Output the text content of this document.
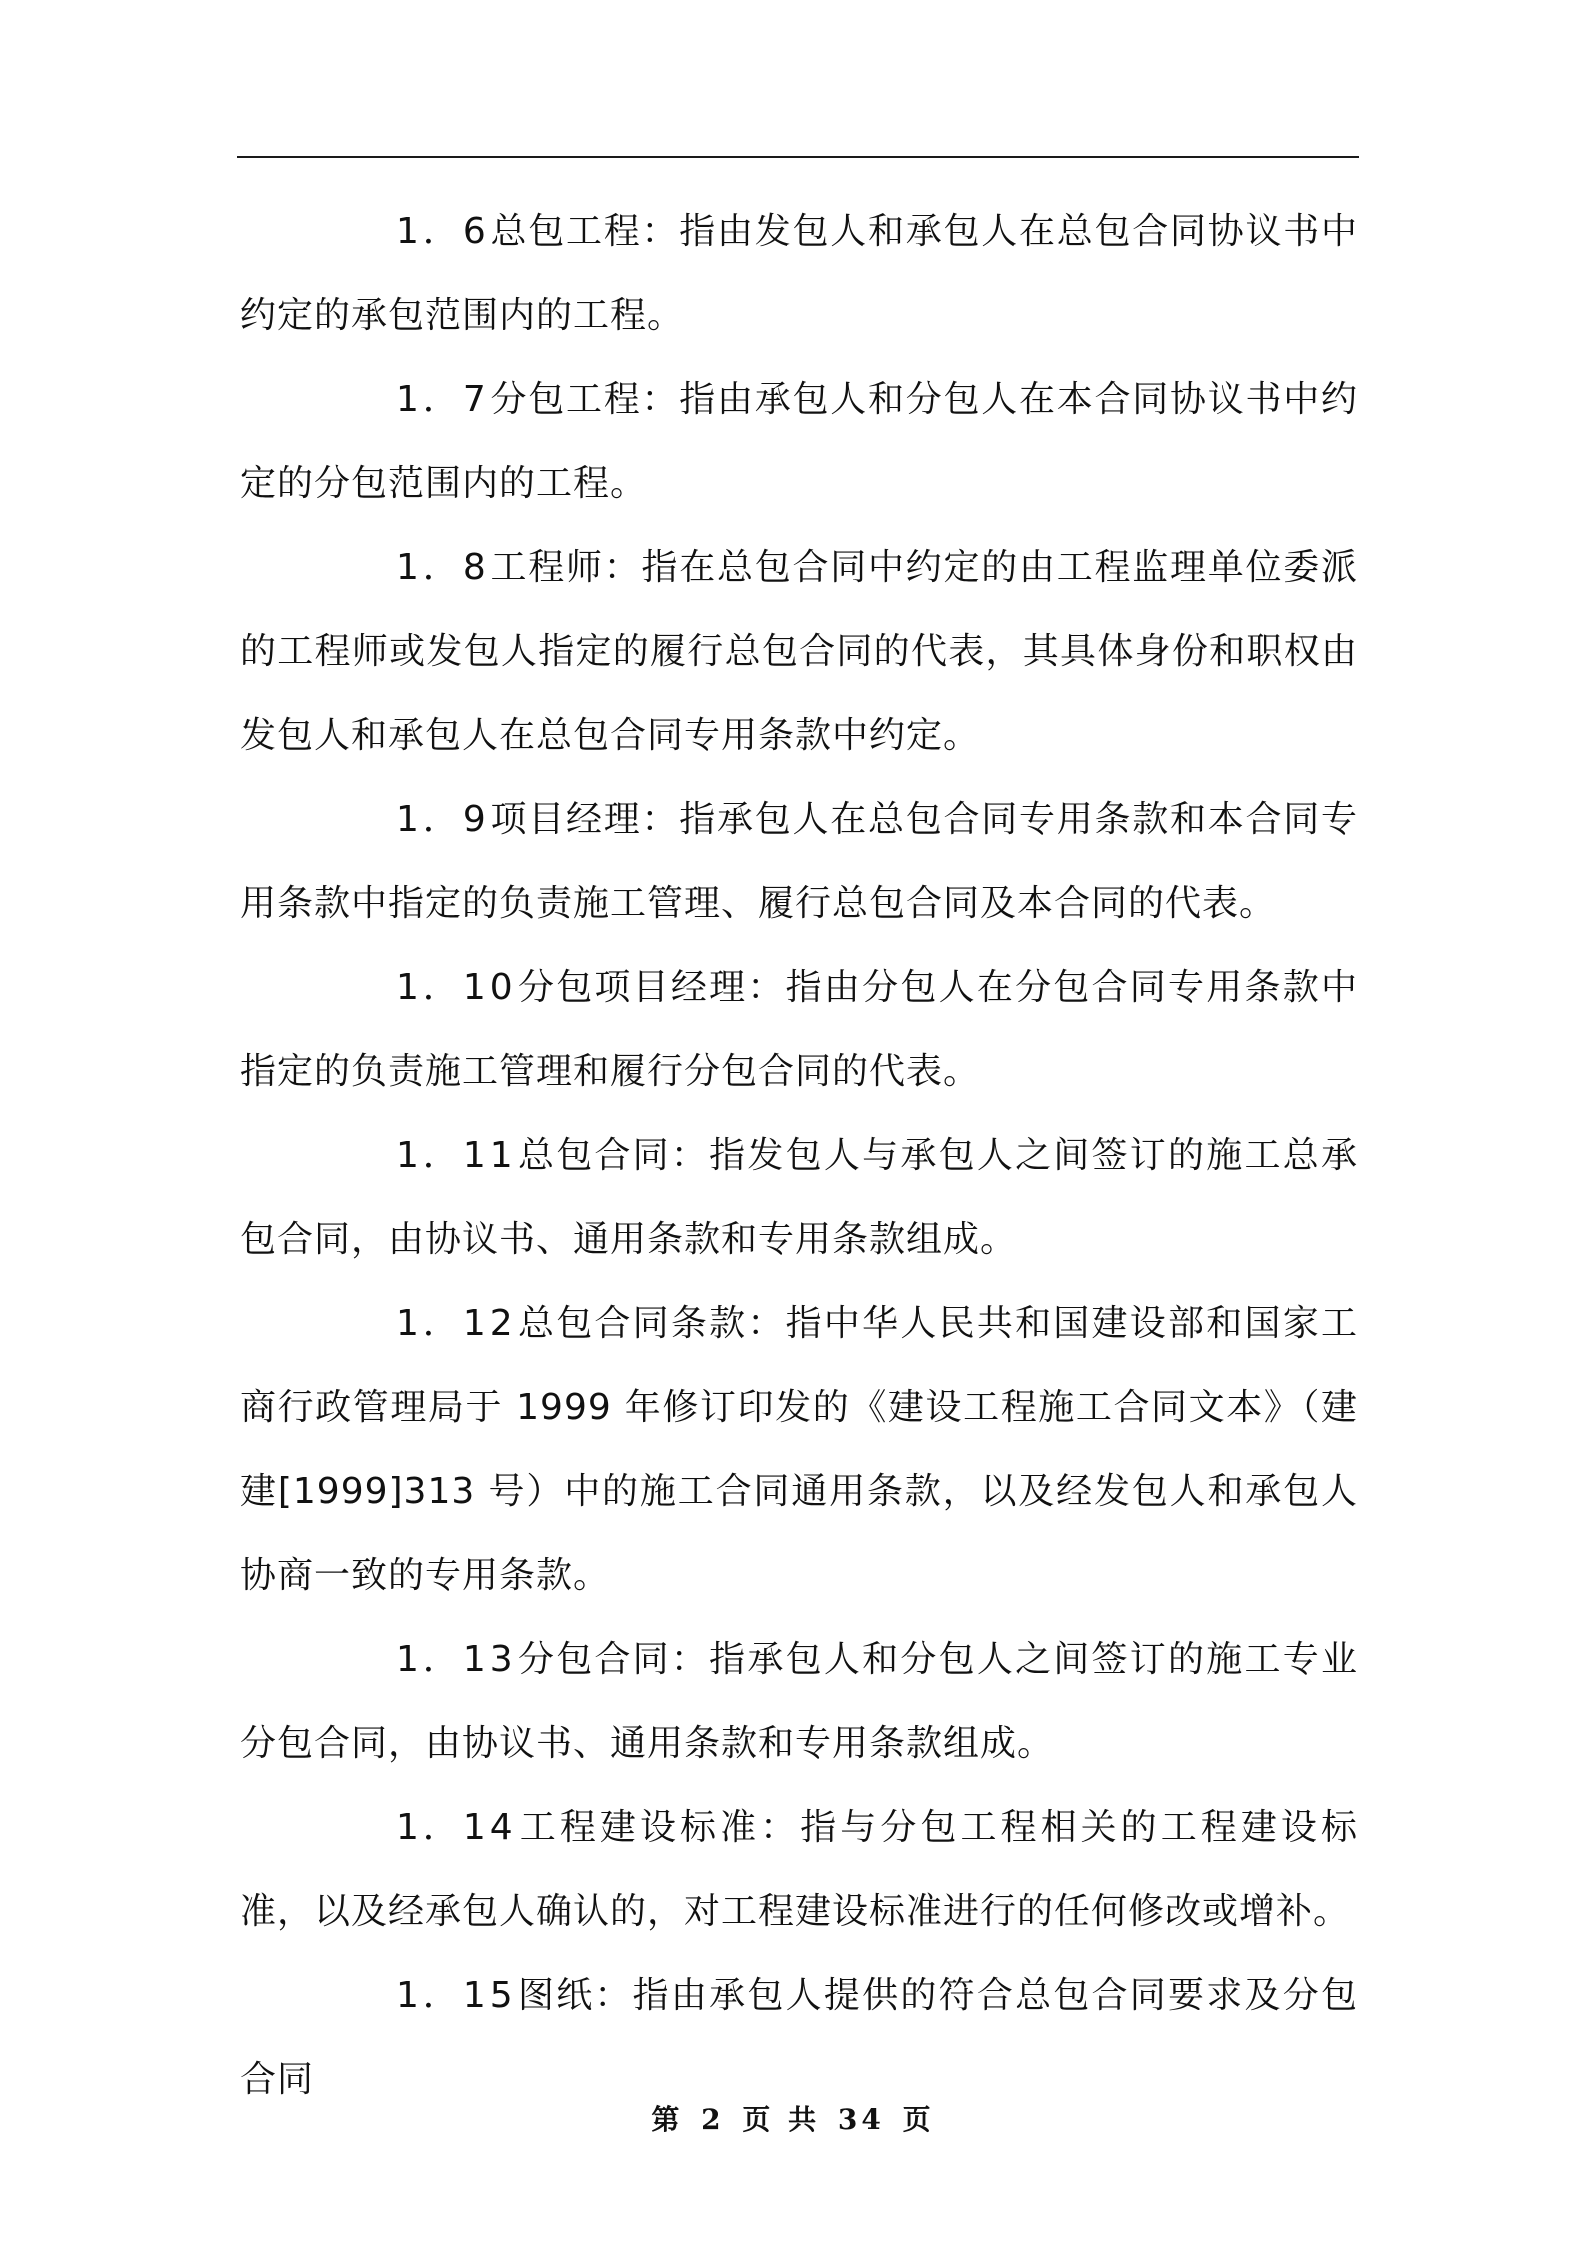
1．6总包工程：指由发包人和承包人在总包合同协议书中约定的承包范围内的工程。

1．7分包工程：指由承包人和分包人在本合同协议书中约定的分包范围内的工程。

1．8工程师：指在总包合同中约定的由工程监理单位委派的工程师或发包人指定的履行总包合同的代表，其具体身份和职权由发包人和承包人在总包合同专用条款中约定。

1．9项目经理：指承包人在总包合同专用条款和本合同专用条款中指定的负责施工管理、履行总包合同及本合同的代表。

1．10分包项目经理：指由分包人在分包合同专用条款中指定的负责施工管理和履行分包合同的代表。

1．11总包合同：指发包人与承包人之间签订的施工总承包合同，由协议书、通用条款和专用条款组成。

1．12总包合同条款：指中华人民共和国建设部和国家工商行政管理局于 1999 年修订印发的《建设工程施工合同文本》（建建[1999]313 号）中的施工合同通用条款，以及经发包人和承包人协商一致的专用条款。

1．13分包合同：指承包人和分包人之间签订的施工专业分包合同，由协议书、通用条款和专用条款组成。

1．14工程建设标准：指与分包工程相关的工程建设标准，以及经承包人确认的，对工程建设标准进行的任何修改或增补。

1．15图纸：指由承包人提供的符合总包合同要求及分包合同

第 2 页 共 34 页
